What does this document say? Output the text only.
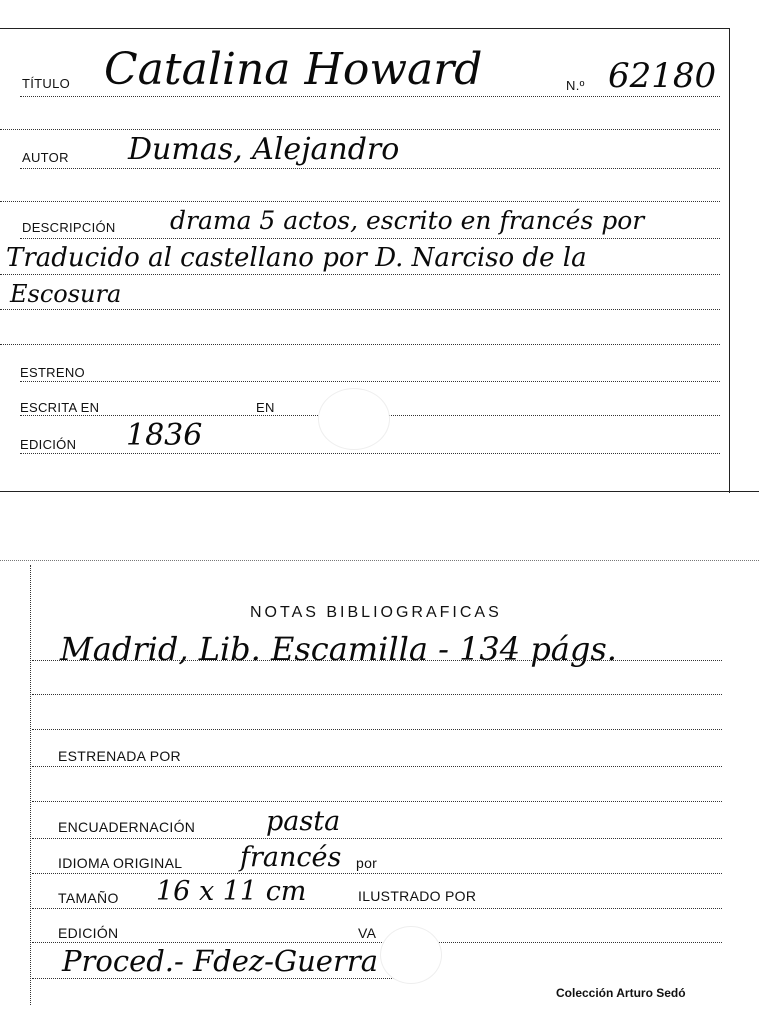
TÍTULO Catalina Howard	N.º 62180
AUTOR Dumas, Alejandro
DESCRIPCIÓN drama 5 actos, escrito en francés por
Traducido al castellano por D. Narciso de la
Escosura
ESTRENO
ESCRITA EN	EN
EDICIÓN 1836
NOTAS BIBLIOGRAFICAS
Madrid, Lib. Escamilla - 134 págs.
ESTRENADA POR
ENCUADERNACIÓN	pasta
IDIOMA ORIGINAL francés por
TAMAÑO 16 x 11 cm	ILUSTRADO POR
EDICIÓN	VA
Proced.- Fdez-Guerra
Colección Arturo Sedó
